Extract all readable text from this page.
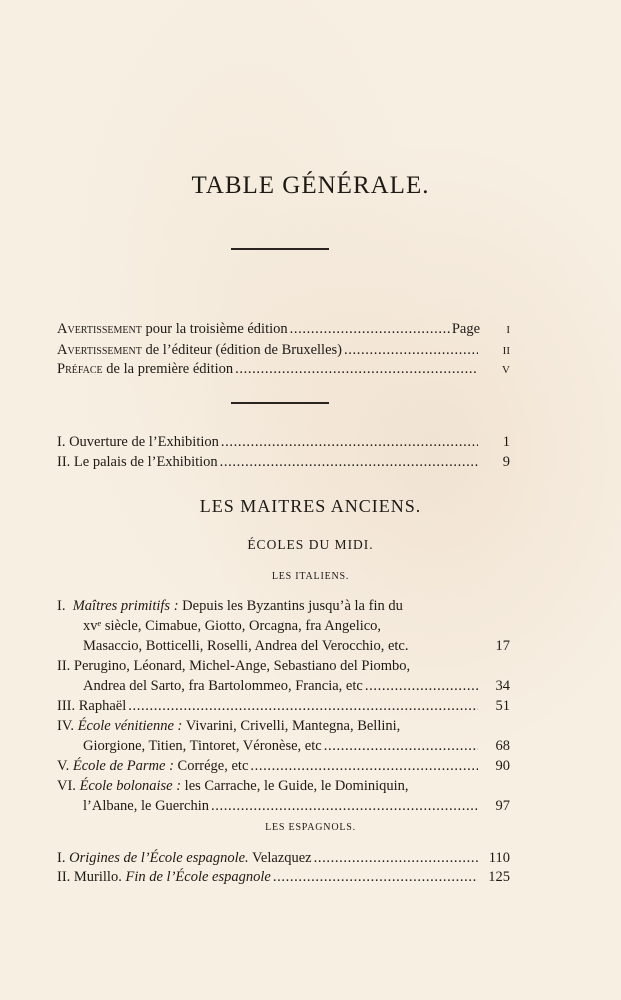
TABLE GÉNÉRALE.
Avertissement pour la troisième édition . . .	Page	I
Avertissement de l’éditeur (édition de Bruxelles) . . .	II
Préface de la première édition . . .	V
I. Ouverture de l’Exhibition . . .	1
II. Le palais de l’Exhibition . . .	9
LES MAITRES ANCIENS.
ÉCOLES DU MIDI.
LES ITALIENS.
I. Maîtres primitifs : Depuis les Byzantins jusqu’à la fin du
xvᵉ siècle, Cimabue, Giotto, Orcagna, fra Angelico,
Masaccio, Botticelli, Roselli, Andrea del Verocchio, etc.	17
II. Perugino, Léonard, Michel-Ange, Sebastiano del Piombo,
Andrea del Sarto, fra Bartolommeo, Francia, etc . . .	34
III. Raphaël . . .	51
IV. École vénitienne : Vivarini, Crivelli, Mantegna, Bellini,
Giorgione, Titien, Tintoret, Véronèse, etc . . .	68
V. École de Parme : Corrége, etc . . .	90
VI. École bolonaise : les Carrache, le Guide, le Dominiquin,
l’Albane, le Guerchin . . .	97
LES ESPAGNOLS.
I. Origines de l’École espagnole. Velazquez . . .	110
II. Murillo. Fin de l’École espagnole . . .	125
